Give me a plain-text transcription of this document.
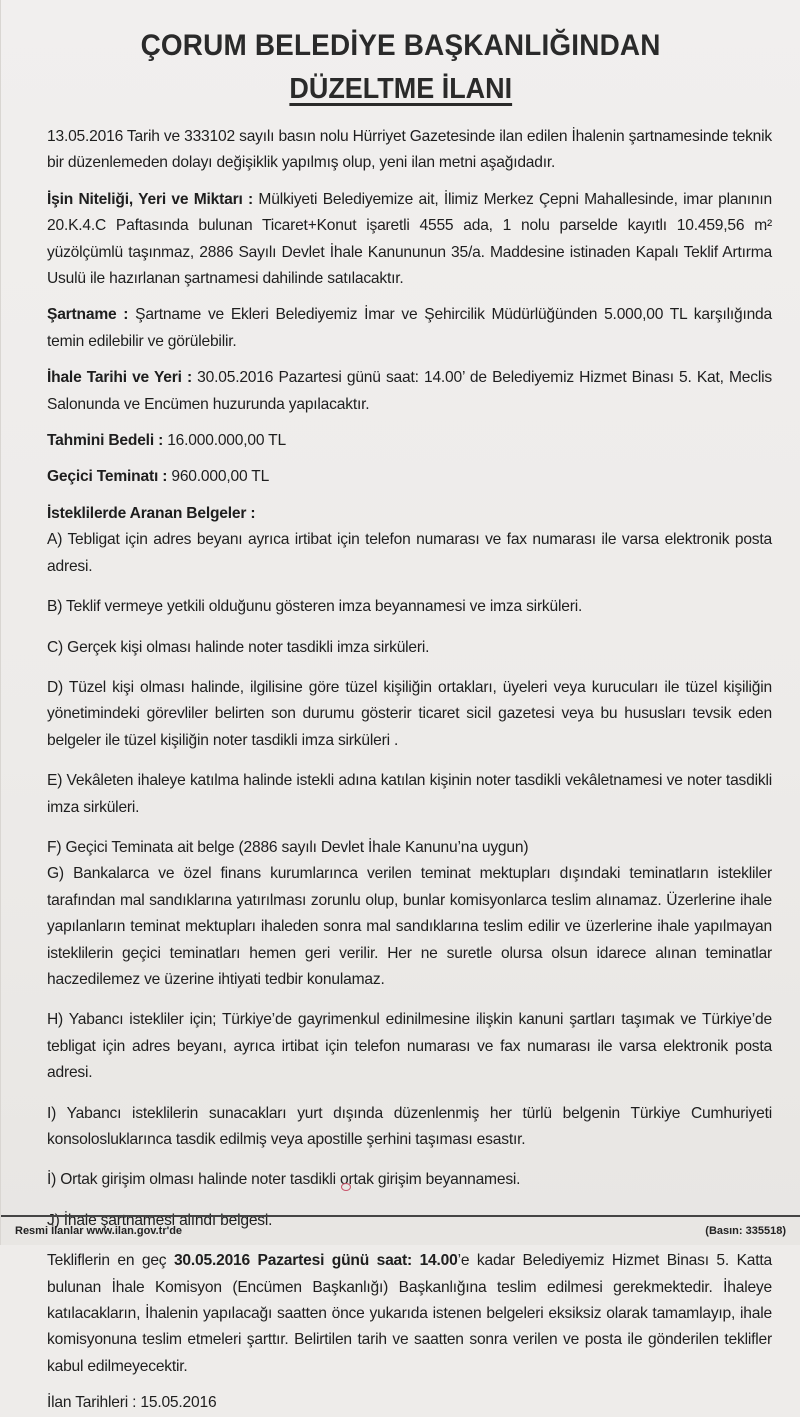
ÇORUM BELEDİYE BAŞKANLIĞINDAN
DÜZELTME İLANI

13.05.2016 Tarih ve 333102 sayılı basın nolu Hürriyet Gazetesinde ilan edilen İhalenin şartnamesinde teknik bir düzenlemeden dolayı değişiklik yapılmış olup, yeni ilan metni aşağıdadır.

İşin Niteliği, Yeri ve Miktarı : Mülkiyeti Belediyemize ait, İlimiz Merkez Çepni Mahallesinde, imar planının 20.K.4.C Paftasında bulunan Ticaret+Konut işaretli 4555 ada, 1 nolu parselde kayıtlı 10.459,56 m² yüzölçümlü taşınmaz, 2886 Sayılı Devlet İhale Kanununun 35/a. Maddesine istinaden Kapalı Teklif Artırma Usulü ile hazırlanan şartnamesi dahilinde satılacaktır.

Şartname : Şartname ve Ekleri Belediyemiz İmar ve Şehircilik Müdürlüğünden 5.000,00 TL karşılığında temin edilebilir ve görülebilir.

İhale Tarihi ve Yeri : 30.05.2016 Pazartesi günü saat: 14.00’ de Belediyemiz Hizmet Binası 5. Kat, Meclis Salonunda ve Encümen huzurunda yapılacaktır.

Tahmini Bedeli : 16.000.000,00 TL

Geçici Teminatı : 960.000,00 TL

İsteklilerde Aranan Belgeler :

A) Tebligat için adres beyanı ayrıca irtibat için telefon numarası ve fax numarası ile varsa elektronik posta adresi.

B) Teklif vermeye yetkili olduğunu gösteren imza beyannamesi ve imza sirküleri.

C) Gerçek kişi olması halinde noter tasdikli imza sirküleri.

D) Tüzel kişi olması halinde, ilgilisine göre tüzel kişiliğin ortakları, üyeleri veya kurucuları ile tüzel kişiliğin yönetimindeki görevliler belirten son durumu gösterir ticaret sicil gazetesi veya bu hususları tevsik eden belgeler ile tüzel kişiliğin noter tasdikli imza sirküleri .

E) Vekâleten ihaleye katılma halinde istekli adına katılan kişinin noter tasdikli vekâletnamesi ve noter tasdikli imza sirküleri.

F) Geçici Teminata ait belge (2886 sayılı Devlet İhale Kanunu’na uygun)

G) Bankalarca ve özel finans kurumlarınca verilen teminat mektupları dışındaki teminatların istekliler tarafından mal sandıklarına yatırılması zorunlu olup, bunlar komisyonlarca teslim alınamaz. Üzerlerine ihale yapılanların teminat mektupları ihaleden sonra mal sandıklarına teslim edilir ve üzerlerine ihale yapılmayan isteklilerin geçici teminatları hemen geri verilir. Her ne suretle olursa olsun idarece alınan teminatlar haczedilemez ve üzerine ihtiyati tedbir konulamaz.

H) Yabancı istekliler için; Türkiye’de gayrimenkul edinilmesine ilişkin kanuni şartları taşımak ve Türkiye’de tebligat için adres beyanı, ayrıca irtibat için telefon numarası ve fax numarası ile varsa elektronik posta adresi.

I) Yabancı isteklilerin sunacakları yurt dışında düzenlenmiş her türlü belgenin Türkiye Cumhuriyeti konsolosluklarınca tasdik edilmiş veya apostille şerhini taşıması esastır.

İ) Ortak girişim olması halinde noter tasdikli ortak girişim beyannamesi.

J) İhale şartnamesi alındı belgesi.

Tekliflerin en geç 30.05.2016 Pazartesi günü saat: 14.00’e kadar Belediyemiz Hizmet Binası 5. Katta bulunan İhale Komisyon (Encümen Başkanlığı) Başkanlığına teslim edilmesi gerekmektedir. İhaleye katılacakların, İhalenin yapılacağı saatten önce yukarıda istenen belgeleri eksiksiz olarak tamamlayıp, ihale komisyonuna teslim etmeleri şarttır. Belirtilen tarih ve saatten sonra verilen ve posta ile gönderilen teklifler kabul edilmeyecektir.

İlan Tarihleri : 15.05.2016

Resmi İlanlar www.ilan.gov.tr'de	(Basın: 335518)
